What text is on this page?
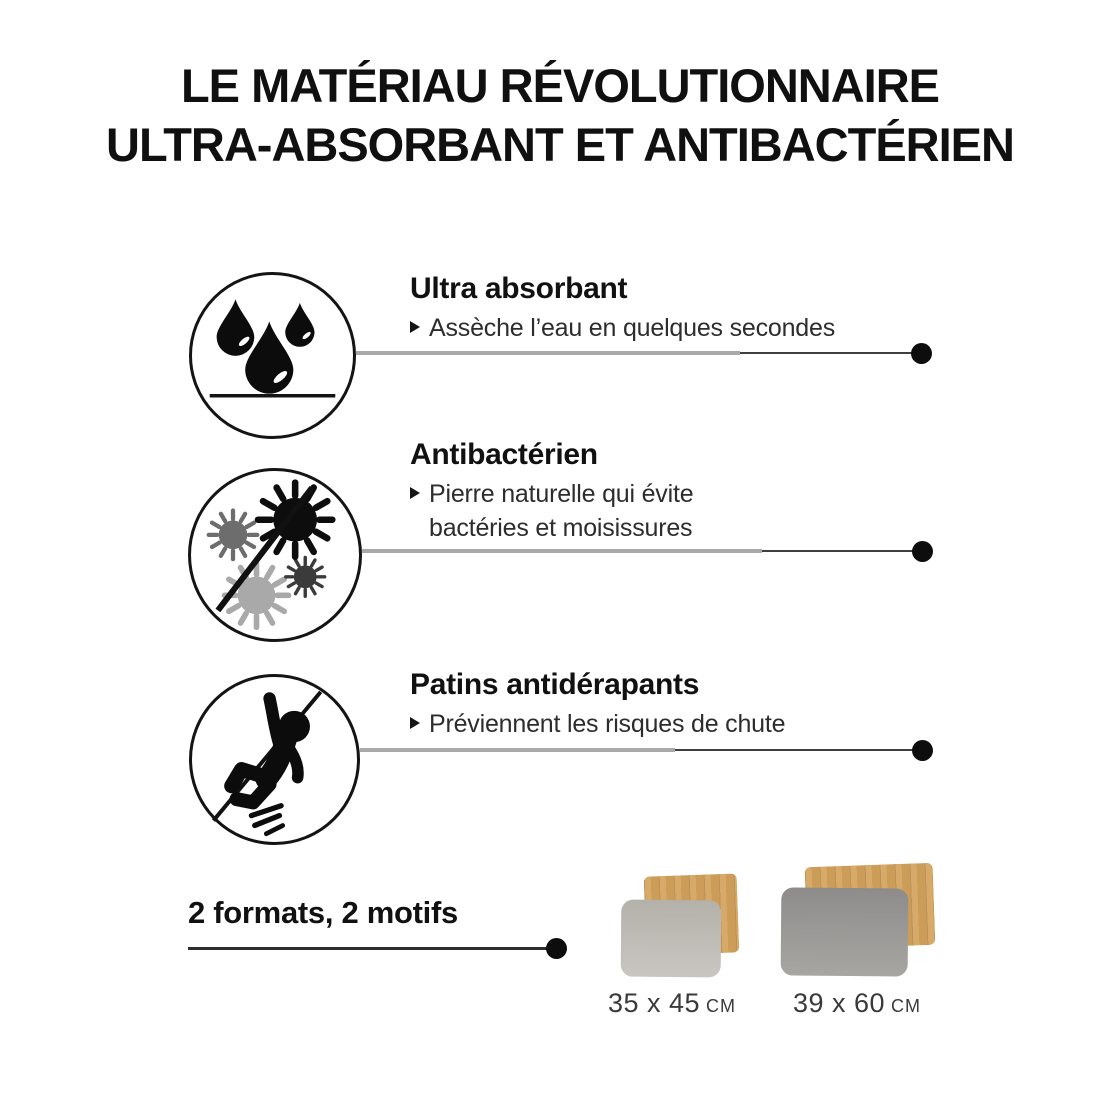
LE MATÉRIAU RÉVOLUTIONNAIRE
ULTRA-ABSORBANT ET ANTIBACTÉRIEN
Ultra absorbant
Assèche l’eau en quelques secondes
Antibactérien
Pierre naturelle qui évite
bactéries et moisissures
Patins antidérapants
Préviennent les risques de chute
2 formats, 2 motifs
35 x 45 cm	39 x 60 cm
